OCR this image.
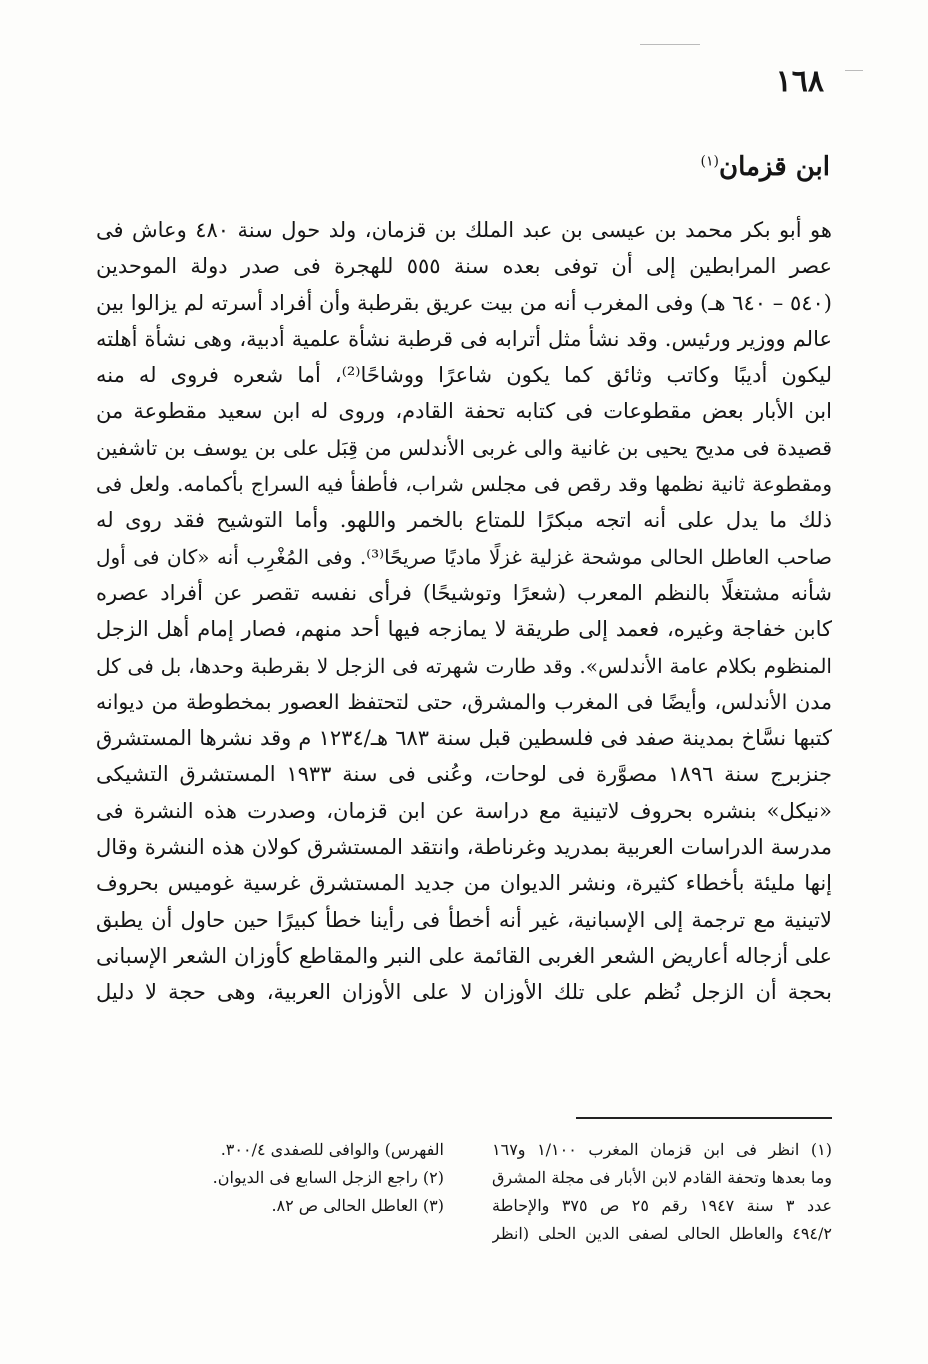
١٦٨
ابن قزمان$^{(١)}$
هو أبو بكر محمد بن عيسى بن عبد الملك بن قزمان، ولد حول سنة ٤٨٠ وعاش فى
عصر المرابطين إلى أن توفى بعده سنة ٥٥٥ للهجرة فى صدر دولة الموحدين
(٥٤٠ – ٦٤٠ هـ) وفى المغرب أنه من بيت عريق بقرطبة وأن أفراد أسرته لم يزالوا بين
عالم ووزير ورئيس. وقد نشأ مثل أترابه فى قرطبة نشأة علمية أدبية، وهى نشأة أهلته
ليكون أديبًا وكاتب وثائق كما يكون شاعرًا ووشاحًا⁽²⁾، أما شعره فروى له منه
ابن الأبار بعض مقطوعات فى كتابه تحفة القادم، وروى له ابن سعيد مقطوعة من
قصيدة فى مديح يحيى بن غانية والى غربى الأندلس من قِبَل على بن يوسف بن تاشفين
ومقطوعة ثانية نظمها وقد رقص فى مجلس شراب، فأطفأ فيه السراج بأكمامه. ولعل فى
ذلك ما يدل على أنه اتجه مبكرًا للمتاع بالخمر واللهو. وأما التوشيح فقد روى له
صاحب العاطل الحالى موشحة غزلية غزلًا ماديًا صريحًا⁽³⁾. وفى المُغْرِب أنه «كان فى أول
شأنه مشتغلًا بالنظم المعرب (شعرًا وتوشيحًا) فرأى نفسه تقصر عن أفراد عصره
كابن خفاجة وغيره، فعمد إلى طريقة لا يمازجه فيها أحد منهم، فصار إمام أهل الزجل
المنظوم بكلام عامة الأندلس». وقد طارت شهرته فى الزجل لا بقرطبة وحدها، بل فى كل
مدن الأندلس، وأيضًا فى المغرب والمشرق، حتى لتحتفظ العصور بمخطوطة من ديوانه
كتبها نسَّاخ بمدينة صفد فى فلسطين قبل سنة ٦٨٣ هـ/١٢٣٤ م وقد نشرها المستشرق
جنزبرج سنة ١٨٩٦ مصوَّرة فى لوحات، وعُنى فى سنة ١٩٣٣ المستشرق التشيكى
«نيكل» بنشره بحروف لاتينية مع دراسة عن ابن قزمان، وصدرت هذه النشرة فى
مدرسة الدراسات العربية بمدريد وغرناطة، وانتقد المستشرق كولان هذه النشرة وقال
إنها مليئة بأخطاء كثيرة، ونشر الديوان من جديد المستشرق غرسية غوميس بحروف
لاتينية مع ترجمة إلى الإسبانية، غير أنه أخطأ فى رأينا خطأ كبيرًا حين حاول أن يطبق
على أزجاله أعاريض الشعر الغربى القائمة على النبر والمقاطع كأوزان الشعر الإسبانى
بحجة أن الزجل نُظم على تلك الأوزان لا على الأوزان العربية، وهى حجة لا دليل
(١) انظر فى ابن قزمان المغرب ١/١٠٠ و١٦٧
وما بعدها وتحفة القادم لابن الأبار فى مجلة المشرق
عدد ٣ سنة ١٩٤٧ رقم ٢٥ ص ٣٧٥ والإحاطة
٤٩٤/٢ والعاطل الحالى لصفى الدين الحلى (انظر
الفهرس) والوافى للصفدى ٣٠٠/٤.
(٢) راجع الزجل السابع فى الديوان.
(٣) العاطل الحالى ص ٨٢.
